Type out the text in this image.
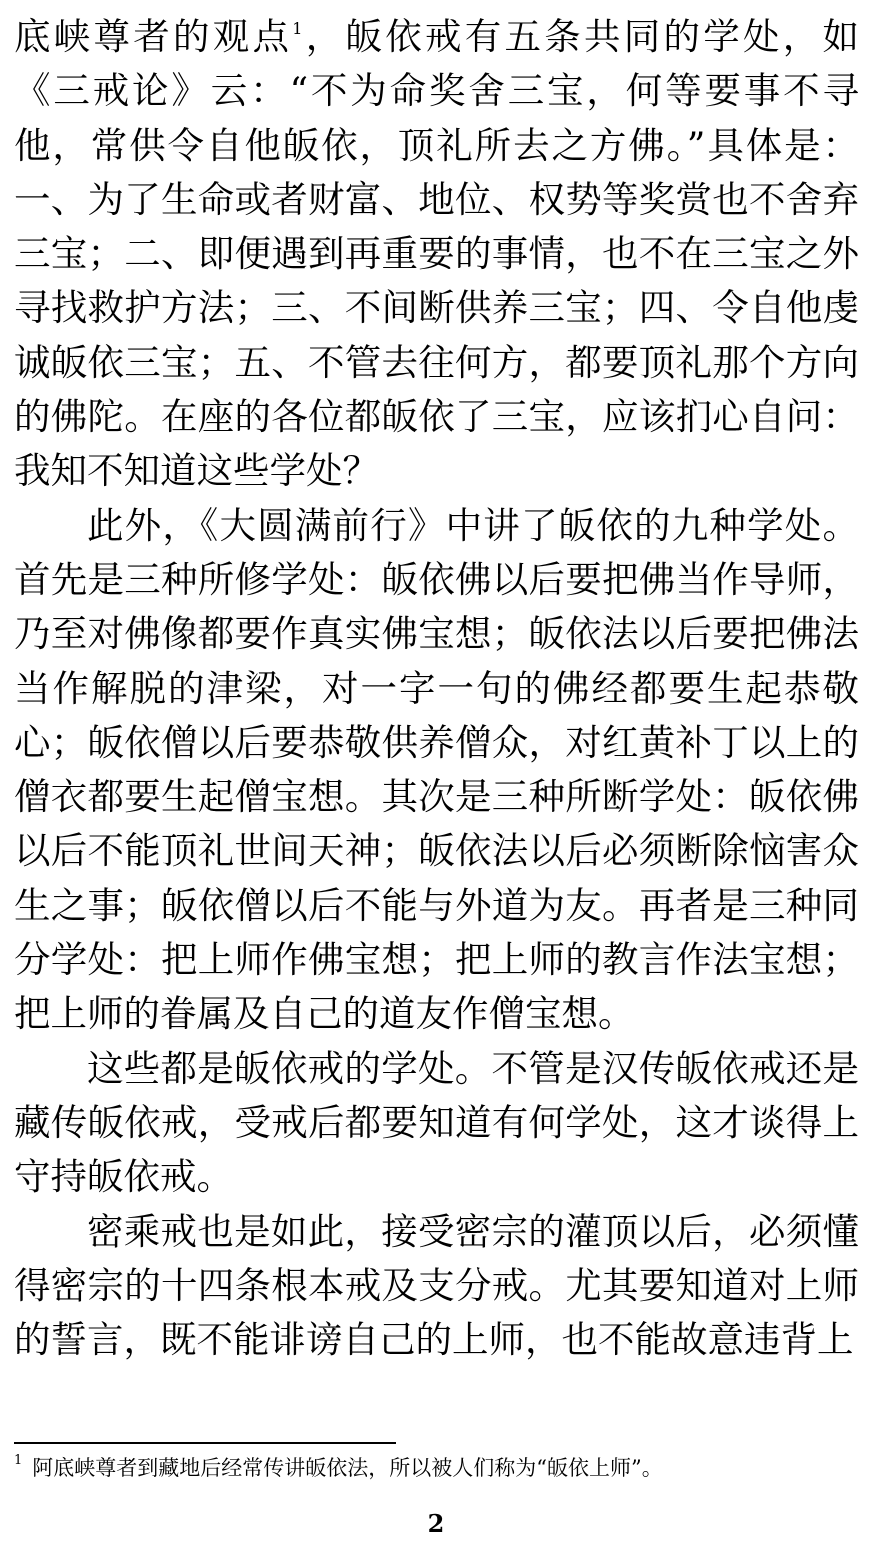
底峡尊者的观点$^1$，皈依戒有五条共同的学处，如《三戒论》云：“不为命奖舍三宝，何等要事不寻他，常供令自他皈依，顶礼所去之方佛。”具体是：一、为了生命或者财富、地位、权势等奖赏也不舍弃三宝；二、即便遇到再重要的事情，也不在三宝之外寻找救护方法；三、不间断供养三宝；四、令自他虔诚皈依三宝；五、不管去往何方，都要顶礼那个方向的佛陀。在座的各位都皈依了三宝，应该扪心自问：我知不知道这些学处？

此外，《大圆满前行》中讲了皈依的九种学处。首先是三种所修学处：皈依佛以后要把佛当作导师，乃至对佛像都要作真实佛宝想；皈依法以后要把佛法当作解脱的津梁，对一字一句的佛经都要生起恭敬心；皈依僧以后要恭敬供养僧众，对红黄补丁以上的僧衣都要生起僧宝想。其次是三种所断学处：皈依佛以后不能顶礼世间天神；皈依法以后必须断除恼害众生之事；皈依僧以后不能与外道为友。再者是三种同分学处：把上师作佛宝想；把上师的教言作法宝想；把上师的眷属及自己的道友作僧宝想。

这些都是皈依戒的学处。不管是汉传皈依戒还是藏传皈依戒，受戒后都要知道有何学处，这才谈得上守持皈依戒。

密乘戒也是如此，接受密宗的灌顶以后，必须懂得密宗的十四条根本戒及支分戒。尤其要知道对上师的誓言，既不能诽谤自己的上师，也不能故意违背上

$^1$ 阿底峡尊者到藏地后经常传讲皈依法，所以被人们称为“皈依上师”。
2
